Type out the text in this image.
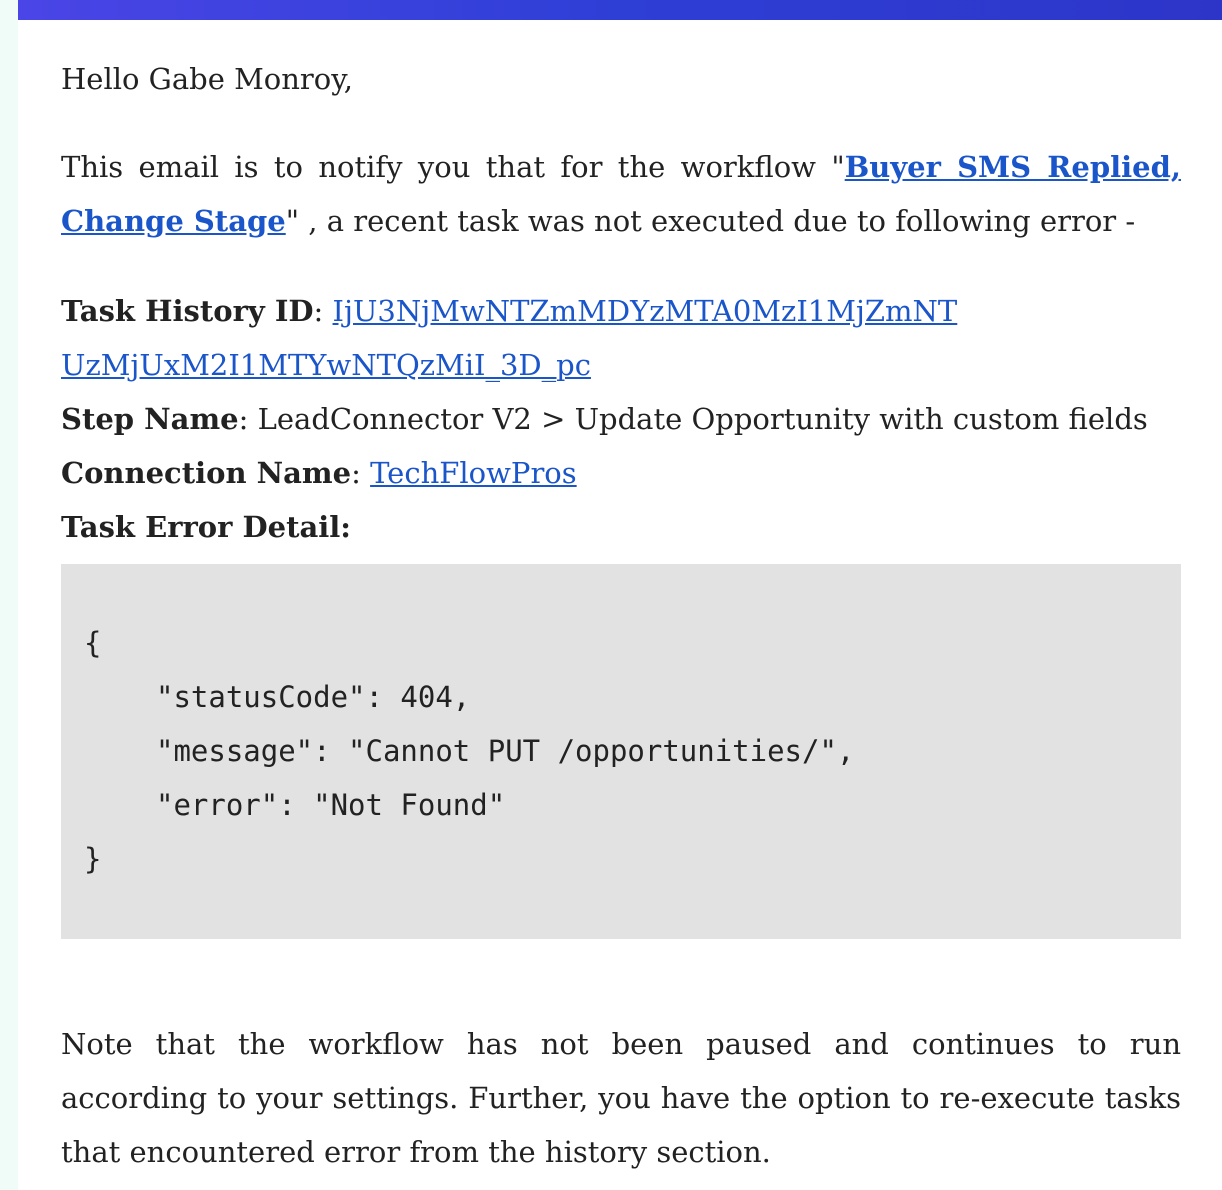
Hello Gabe Monroy,

This email is to notify you that for the workflow "Buyer SMS Replied, Change Stage" , a recent task was not executed due to following error -

Task History ID: IjU3NjMwNTZmMDYzMTA0MzI1MjZmNT
UzMjUxM2I1MTYwNTQzMiI_3D_pc
Step Name: LeadConnector V2 > Update Opportunity with custom fields
Connection Name: TechFlowPros
Task Error Detail:
{
"statusCode": 404,
"message": "Cannot PUT /opportunities/",
"error": "Not Found"
}

Note that the workflow has not been paused and continues to run according to your settings. Further, you have the option to re-execute tasks that encountered error from the history section.
